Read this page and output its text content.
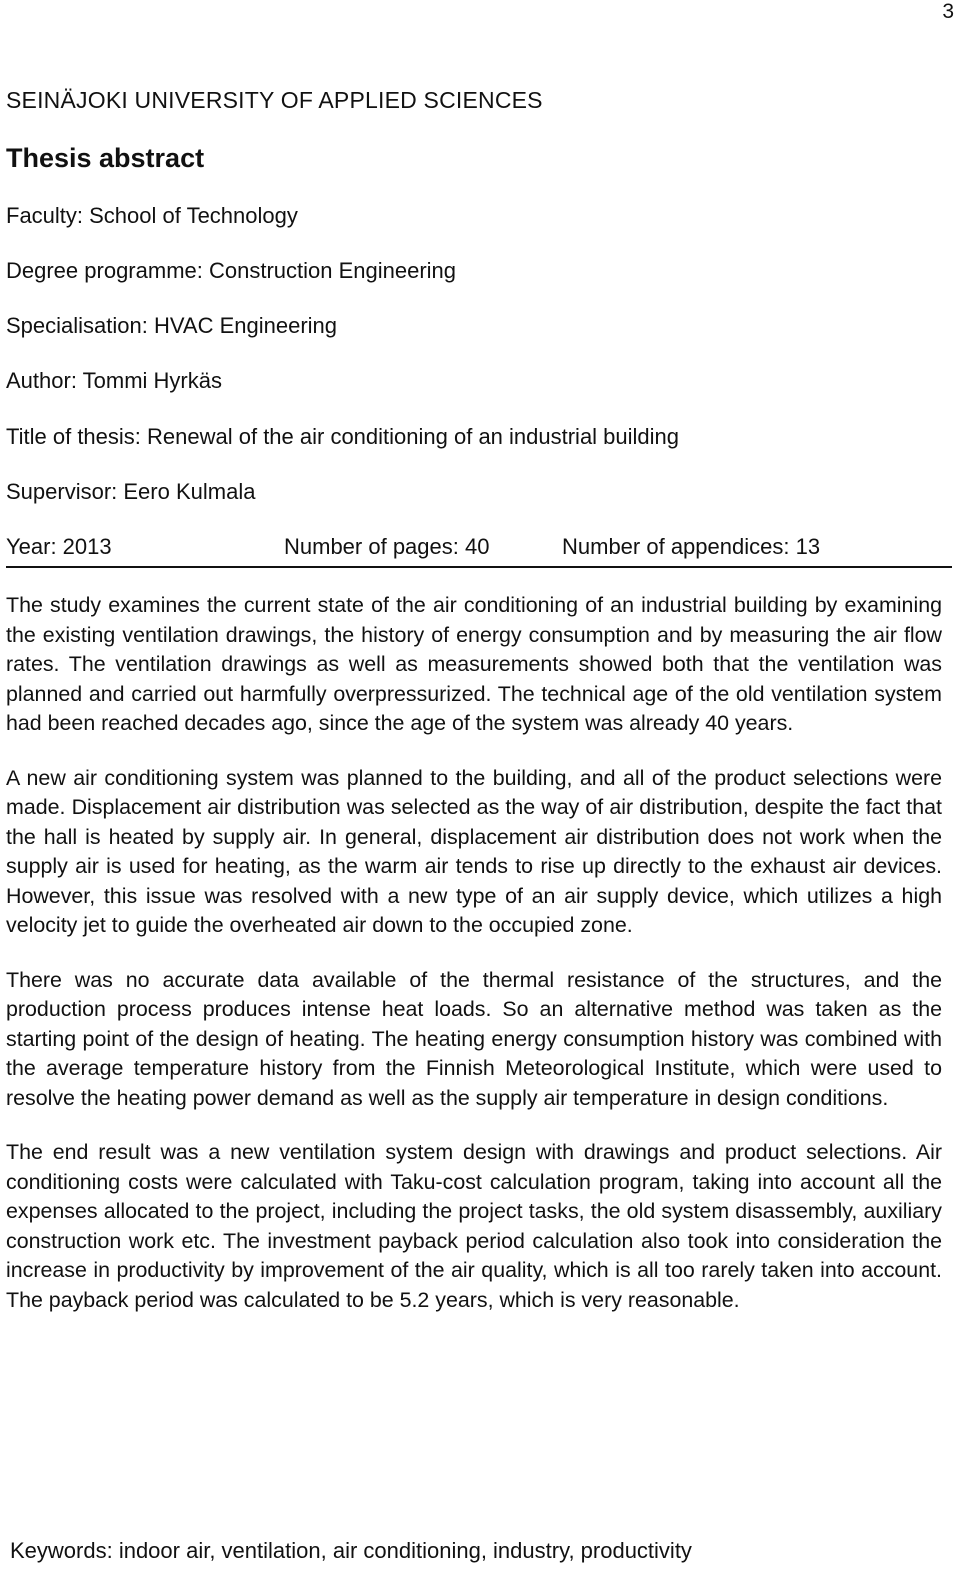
3
SEINÄJOKI UNIVERSITY OF APPLIED SCIENCES
Thesis abstract
Faculty: School of Technology
Degree programme: Construction Engineering
Specialisation: HVAC Engineering
Author: Tommi Hyrkäs
Title of thesis: Renewal of the air conditioning of an industrial building
Supervisor: Eero Kulmala
Year: 2013	Number of pages: 40	Number of appendices: 13

The study examines the current state of the air conditioning of an industrial building by examining the existing ventilation drawings, the history of energy consumption and by measuring the air flow rates. The ventilation drawings as well as measurements showed both that the ventilation was planned and carried out harmfully overpressurized. The technical age of the old ventilation system had been reached decades ago, since the age of the system was already 40 years.

A new air conditioning system was planned to the building, and all of the product selections were made. Displacement air distribution was selected as the way of air distribution, despite the fact that the hall is heated by supply air. In general, displacement air distribution does not work when the supply air is used for heating, as the warm air tends to rise up directly to the exhaust air devices. However, this issue was resolved with a new type of an air supply device, which utilizes a high velocity jet to guide the overheated air down to the occupied zone.

There was no accurate data available of the thermal resistance of the structures, and the production process produces intense heat loads. So an alternative method was taken as the starting point of the design of heating. The heating energy consumption history was combined with the average temperature history from the Finnish Meteorological Institute, which were used to resolve the heating power demand as well as the supply air temperature in design conditions.

The end result was a new ventilation system design with drawings and product selections. Air conditioning costs were calculated with Taku-cost calculation program, taking into account all the expenses allocated to the project, including the project tasks, the old system disassembly, auxiliary construction work etc. The investment payback period calculation also took into consideration the increase in productivity by improvement of the air quality, which is all too rarely taken into account. The payback period was calculated to be 5.2 years, which is very reasonable.

Keywords: indoor air, ventilation, air conditioning, industry, productivity
